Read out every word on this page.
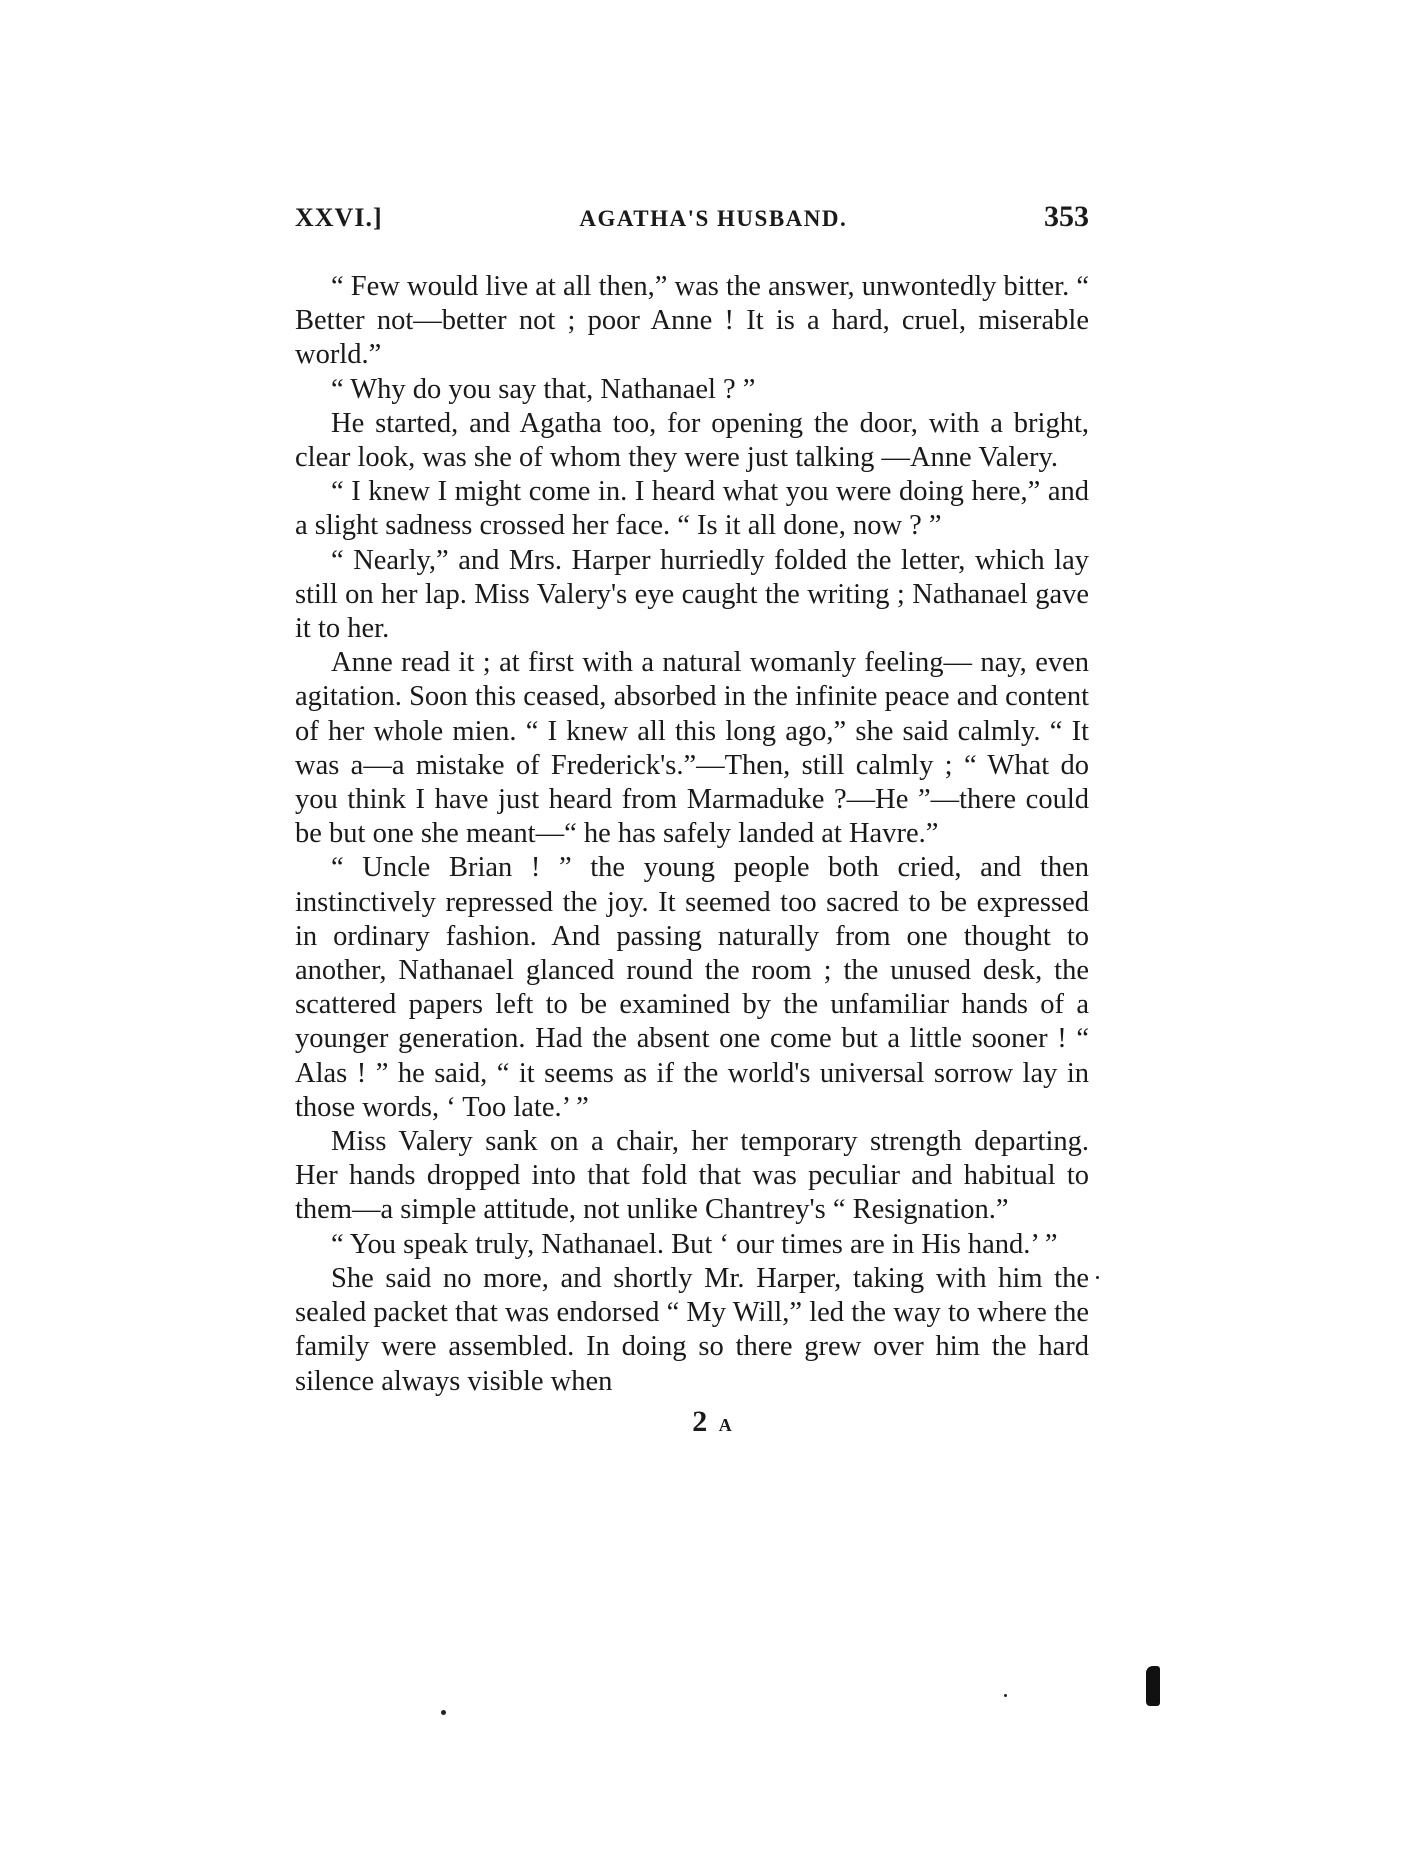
XXVI.]	AGATHA'S HUSBAND.	353

“ Few would live at all then,” was the answer, unwontedly bitter. “ Better not—better not ; poor Anne ! It is a hard, cruel, miserable world.”

“ Why do you say that, Nathanael ? ”

He started, and Agatha too, for opening the door, with a bright, clear look, was she of whom they were just talking —Anne Valery.

“ I knew I might come in. I heard what you were doing here,” and a slight sadness crossed her face. “ Is it all done, now ? ”

“ Nearly,” and Mrs. Harper hurriedly folded the letter, which lay still on her lap. Miss Valery's eye caught the writing ; Nathanael gave it to her.

Anne read it ; at first with a natural womanly feeling— nay, even agitation. Soon this ceased, absorbed in the infinite peace and content of her whole mien. “ I knew all this long ago,” she said calmly. “ It was a—a mistake of Frederick's.”—Then, still calmly ; “ What do you think I have just heard from Marmaduke ?—He ”—there could be but one she meant—“ he has safely landed at Havre.”

“ Uncle Brian ! ” the young people both cried, and then instinctively repressed the joy. It seemed too sacred to be expressed in ordinary fashion. And passing naturally from one thought to another, Nathanael glanced round the room ; the unused desk, the scattered papers left to be examined by the unfamiliar hands of a younger generation. Had the absent one come but a little sooner ! “ Alas ! ” he said, “ it seems as if the world's universal sorrow lay in those words, ‘ Too late.’ ”

Miss Valery sank on a chair, her temporary strength departing. Her hands dropped into that fold that was peculiar and habitual to them—a simple attitude, not unlike Chantrey's “ Resignation.”

“ You speak truly, Nathanael. But ‘ our times are in His hand.’ ”

She said no more, and shortly Mr. Harper, taking with him the sealed packet that was endorsed “ My Will,” led the way to where the family were assembled. In doing so there grew over him the hard silence always visible when

2 A
